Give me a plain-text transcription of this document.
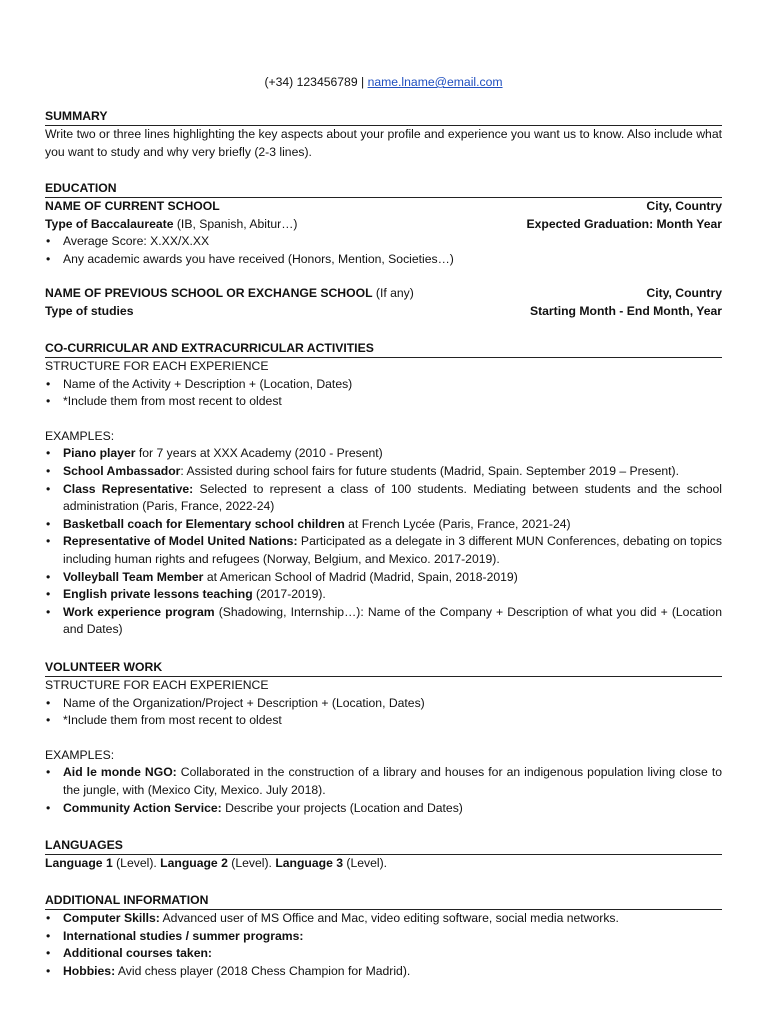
(+34) 123456789 | name.lname@email.com
SUMMARY

Write two or three lines highlighting the key aspects about your profile and experience you want us to know. Also include what you want to study and why very briefly (2-3 lines).

EDUCATION
NAME OF CURRENT SCHOOL	City, Country
Type of Baccalaureate (IB, Spanish, Abitur…)	Expected Graduation: Month Year
• Average Score: X.XX/X.XX
• Any academic awards you have received (Honors, Mention, Societies…)
NAME OF PREVIOUS SCHOOL OR EXCHANGE SCHOOL (If any)	City, Country
Type of studies	Starting Month - End Month, Year
CO-CURRICULAR AND EXTRACURRICULAR ACTIVITIES

STRUCTURE FOR EACH EXPERIENCE

• Name of the Activity + Description + (Location, Dates)
• *Include them from most recent to oldest

EXAMPLES:

• Piano player for 7 years at XXX Academy (2010 - Present)
• School Ambassador: Assisted during school fairs for future students (Madrid, Spain. September 2019 – Present).
• Class Representative: Selected to represent a class of 100 students. Mediating between students and the school administration (Paris, France, 2022-24)
• Basketball coach for Elementary school children at French Lycée (Paris, France, 2021-24)
• Representative of Model United Nations: Participated as a delegate in 3 different MUN Conferences, debating on topics including human rights and refugees (Norway, Belgium, and Mexico. 2017-2019).
• Volleyball Team Member at American School of Madrid (Madrid, Spain, 2018-2019)
• English private lessons teaching (2017-2019).
• Work experience program (Shadowing, Internship…): Name of the Company + Description of what you did + (Location and Dates)
VOLUNTEER WORK

STRUCTURE FOR EACH EXPERIENCE

• Name of the Organization/Project + Description + (Location, Dates)
• *Include them from most recent to oldest

EXAMPLES:

• Aid le monde NGO: Collaborated in the construction of a library and houses for an indigenous population living close to the jungle, with (Mexico City, Mexico. July 2018).
• Community Action Service: Describe your projects (Location and Dates)
LANGUAGES

Language 1 (Level). Language 2 (Level). Language 3 (Level).

ADDITIONAL INFORMATION
• Computer Skills: Advanced user of MS Office and Mac, video editing software, social media networks.
• International studies / summer programs:
• Additional courses taken:
• Hobbies: Avid chess player (2018 Chess Champion for Madrid).
